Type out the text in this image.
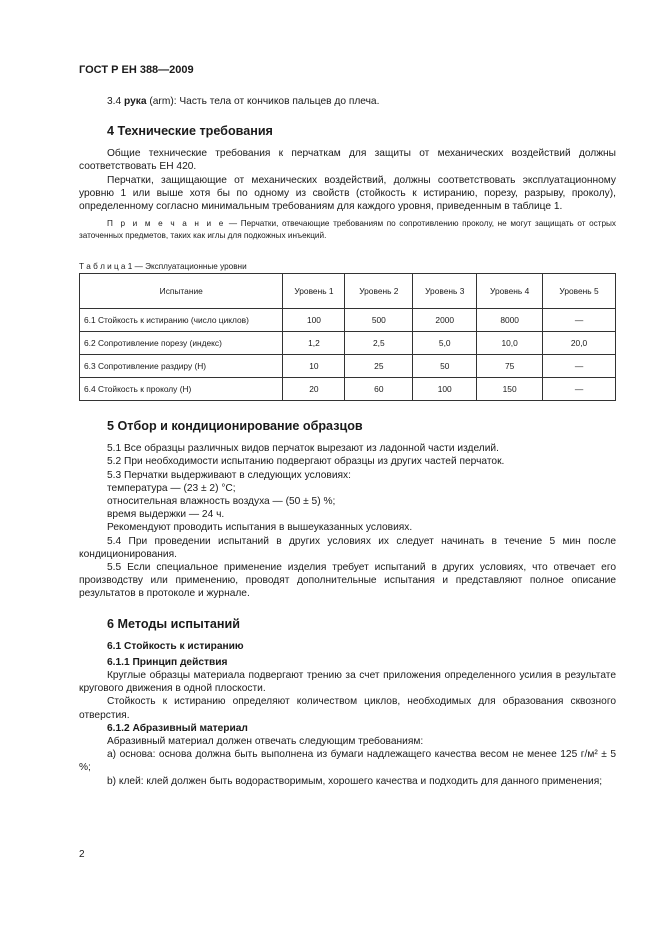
ГОСТ Р ЕН 388—2009

3.4 рука (arm): Часть тела от кончиков пальцев до плеча.

4 Технические требования

Общие технические требования к перчаткам для защиты от механических воздействий должны соответствовать ЕН 420.

Перчатки, защищающие от механических воздействий, должны соответствовать эксплуатационному уровню 1 или выше хотя бы по одному из свойств (стойкость к истиранию, порезу, разрыву, проколу), определенному согласно минимальным требованиям для каждого уровня, приведенным в таблице 1.

П р и м е ч а н и е — Перчатки, отвечающие требованиям по сопротивлению проколу, не могут защищать от острых заточенных предметов, таких как иглы для подкожных инъекций.

Т а б л и ц а 1 — Эксплуатационные уровни
Испытание	Уровень 1	Уровень 2	Уровень 3	Уровень 4	Уровень 5
6.1 Стойкость к истиранию (число циклов)	100	500	2000	8000	—
6.2 Сопротивление порезу (индекс)	1,2	2,5	5,0	10,0	20,0
6.3 Сопротивление раздиру (Н)	10	25	50	75	—
6.4 Стойкость к проколу (Н)	20	60	100	150	—
5 Отбор и кондиционирование образцов

5.1 Все образцы различных видов перчаток вырезают из ладонной части изделий.

5.2 При необходимости испытанию подвергают образцы из других частей перчаток.

5.3 Перчатки выдерживают в следующих условиях:

температура — (23 ± 2) °С;

относительная влажность воздуха — (50 ± 5) %;

время выдержки — 24 ч.

Рекомендуют проводить испытания в вышеуказанных условиях.

5.4 При проведении испытаний в других условиях их следует начинать в течение 5 мин после кондиционирования.

5.5 Если специальное применение изделия требует испытаний в других условиях, что отвечает его производству или применению, проводят дополнительные испытания и представляют полное описание результатов в протоколе и журнале.

6 Методы испытаний
6.1 Стойкость к истиранию
6.1.1 Принцип действия

Круглые образцы материала подвергают трению за счет приложения определенного усилия в результате кругового движения в одной плоскости.

Стойкость к истиранию определяют количеством циклов, необходимых для образования сквозного отверстия.

6.1.2 Абразивный материал

Абразивный материал должен отвечать следующим требованиям:

а) основа: основа должна быть выполнена из бумаги надлежащего качества весом не менее 125 г/м² ± 5 %;

b) клей: клей должен быть водорастворимым, хорошего качества и подходить для данного применения;

2
